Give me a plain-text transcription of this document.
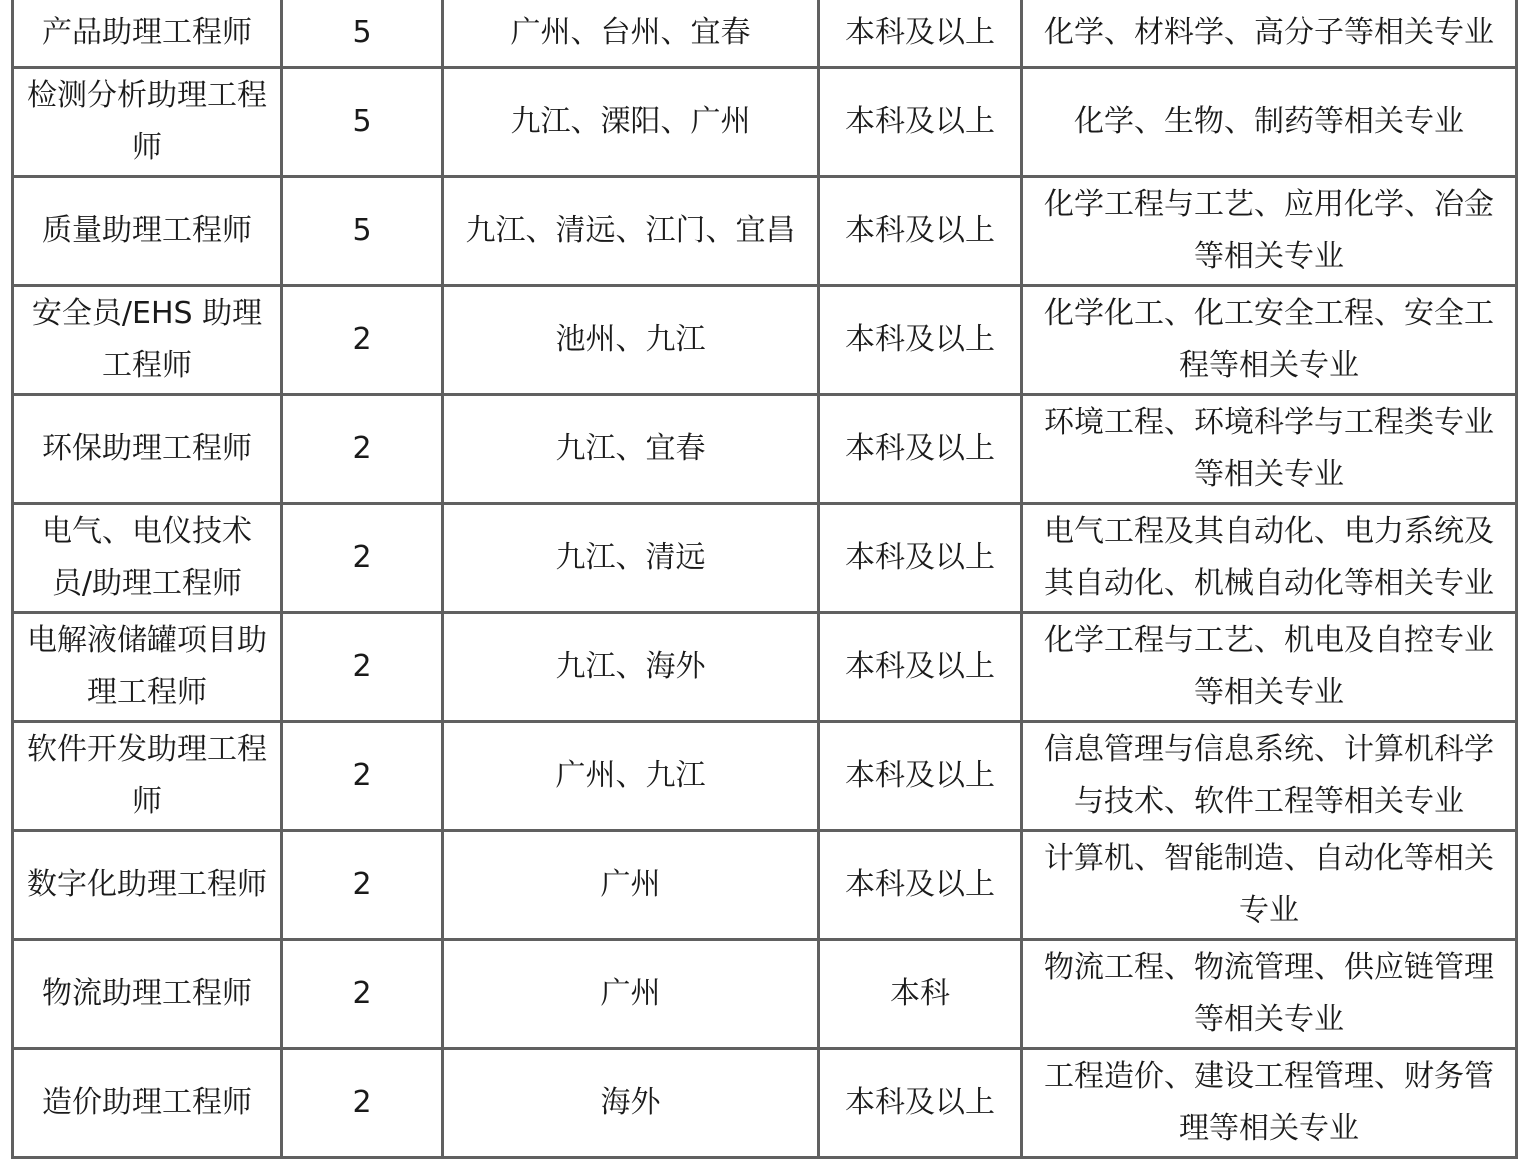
产品助理工程师	5	广州、台州、宜春	本科及以上	化学、材料学、高分子等相关专业
检测分析助理工程师	5	九江、溧阳、广州	本科及以上	化学、生物、制药等相关专业
质量助理工程师	5	九江、清远、江门、宜昌	本科及以上	化学工程与工艺、应用化学、冶金等相关专业
安全员/EHS 助理工程师	2	池州、九江	本科及以上	化学化工、化工安全工程、安全工程等相关专业
环保助理工程师	2	九江、宜春	本科及以上	环境工程、环境科学与工程类专业等相关专业
电气、电仪技术员/助理工程师	2	九江、清远	本科及以上	电气工程及其自动化、电力系统及其自动化、机械自动化等相关专业
电解液储罐项目助理工程师	2	九江、海外	本科及以上	化学工程与工艺、机电及自控专业等相关专业
软件开发助理工程师	2	广州、九江	本科及以上	信息管理与信息系统、计算机科学与技术、软件工程等相关专业
数字化助理工程师	2	广州	本科及以上	计算机、智能制造、自动化等相关专业
物流助理工程师	2	广州	本科	物流工程、物流管理、供应链管理等相关专业
造价助理工程师	2	海外	本科及以上	工程造价、建设工程管理、财务管理等相关专业
